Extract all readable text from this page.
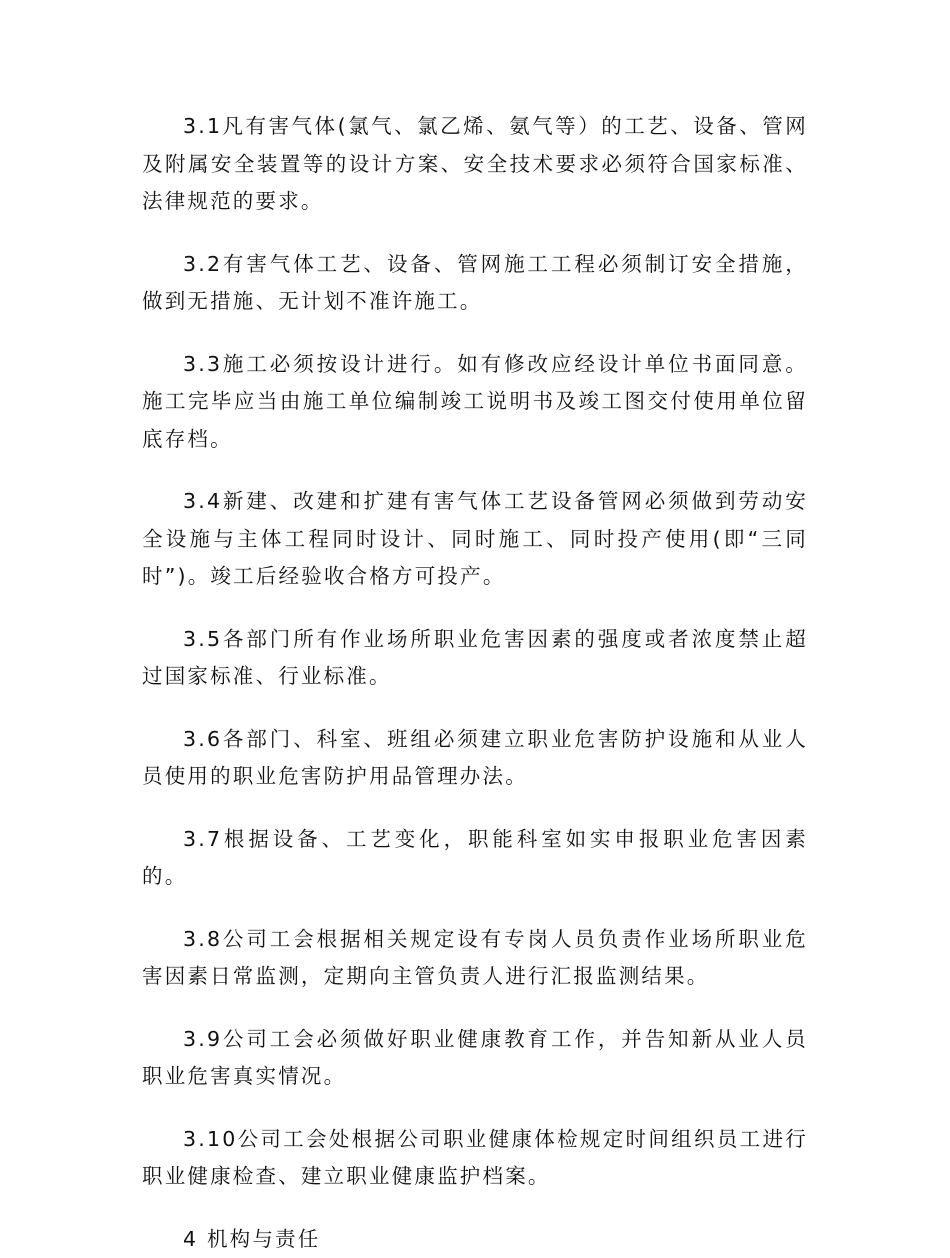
3.1凡有害气体(氯气、氯乙烯、氨气等）的工艺、设备、管网及附属安全装置等的设计方案、安全技术要求必须符合国家标准、法律规范的要求。

3.2有害气体工艺、设备、管网施工工程必须制订安全措施，做到无措施、无计划不准许施工。

3.3施工必须按设计进行。如有修改应经设计单位书面同意。 施工完毕应当由施工单位编制竣工说明书及竣工图交付使用单位留底存档。

3.4新建、改建和扩建有害气体工艺设备管网必须做到劳动安全设施与主体工程同时设计、同时施工、同时投产使用(即“三同时”)。竣工后经验收合格方可投产。

3.5各部门所有作业场所职业危害因素的强度或者浓度禁止超过国家标准、行业标准。

3.6各部门、科室、班组必须建立职业危害防护设施和从业人员使用的职业危害防护用品管理办法。

3.7根据设备、工艺变化，职能科室如实申报职业危害因素的。

3.8公司工会根据相关规定设有专岗人员负责作业场所职业危害因素日常监测，定期向主管负责人进行汇报监测结果。

3.9公司工会必须做好职业健康教育工作，并告知新从业人员职业危害真实情况。

3.10公司工会处根据公司职业健康体检规定时间组织员工进行职业健康检查、建立职业健康监护档案。

4 机构与责任
